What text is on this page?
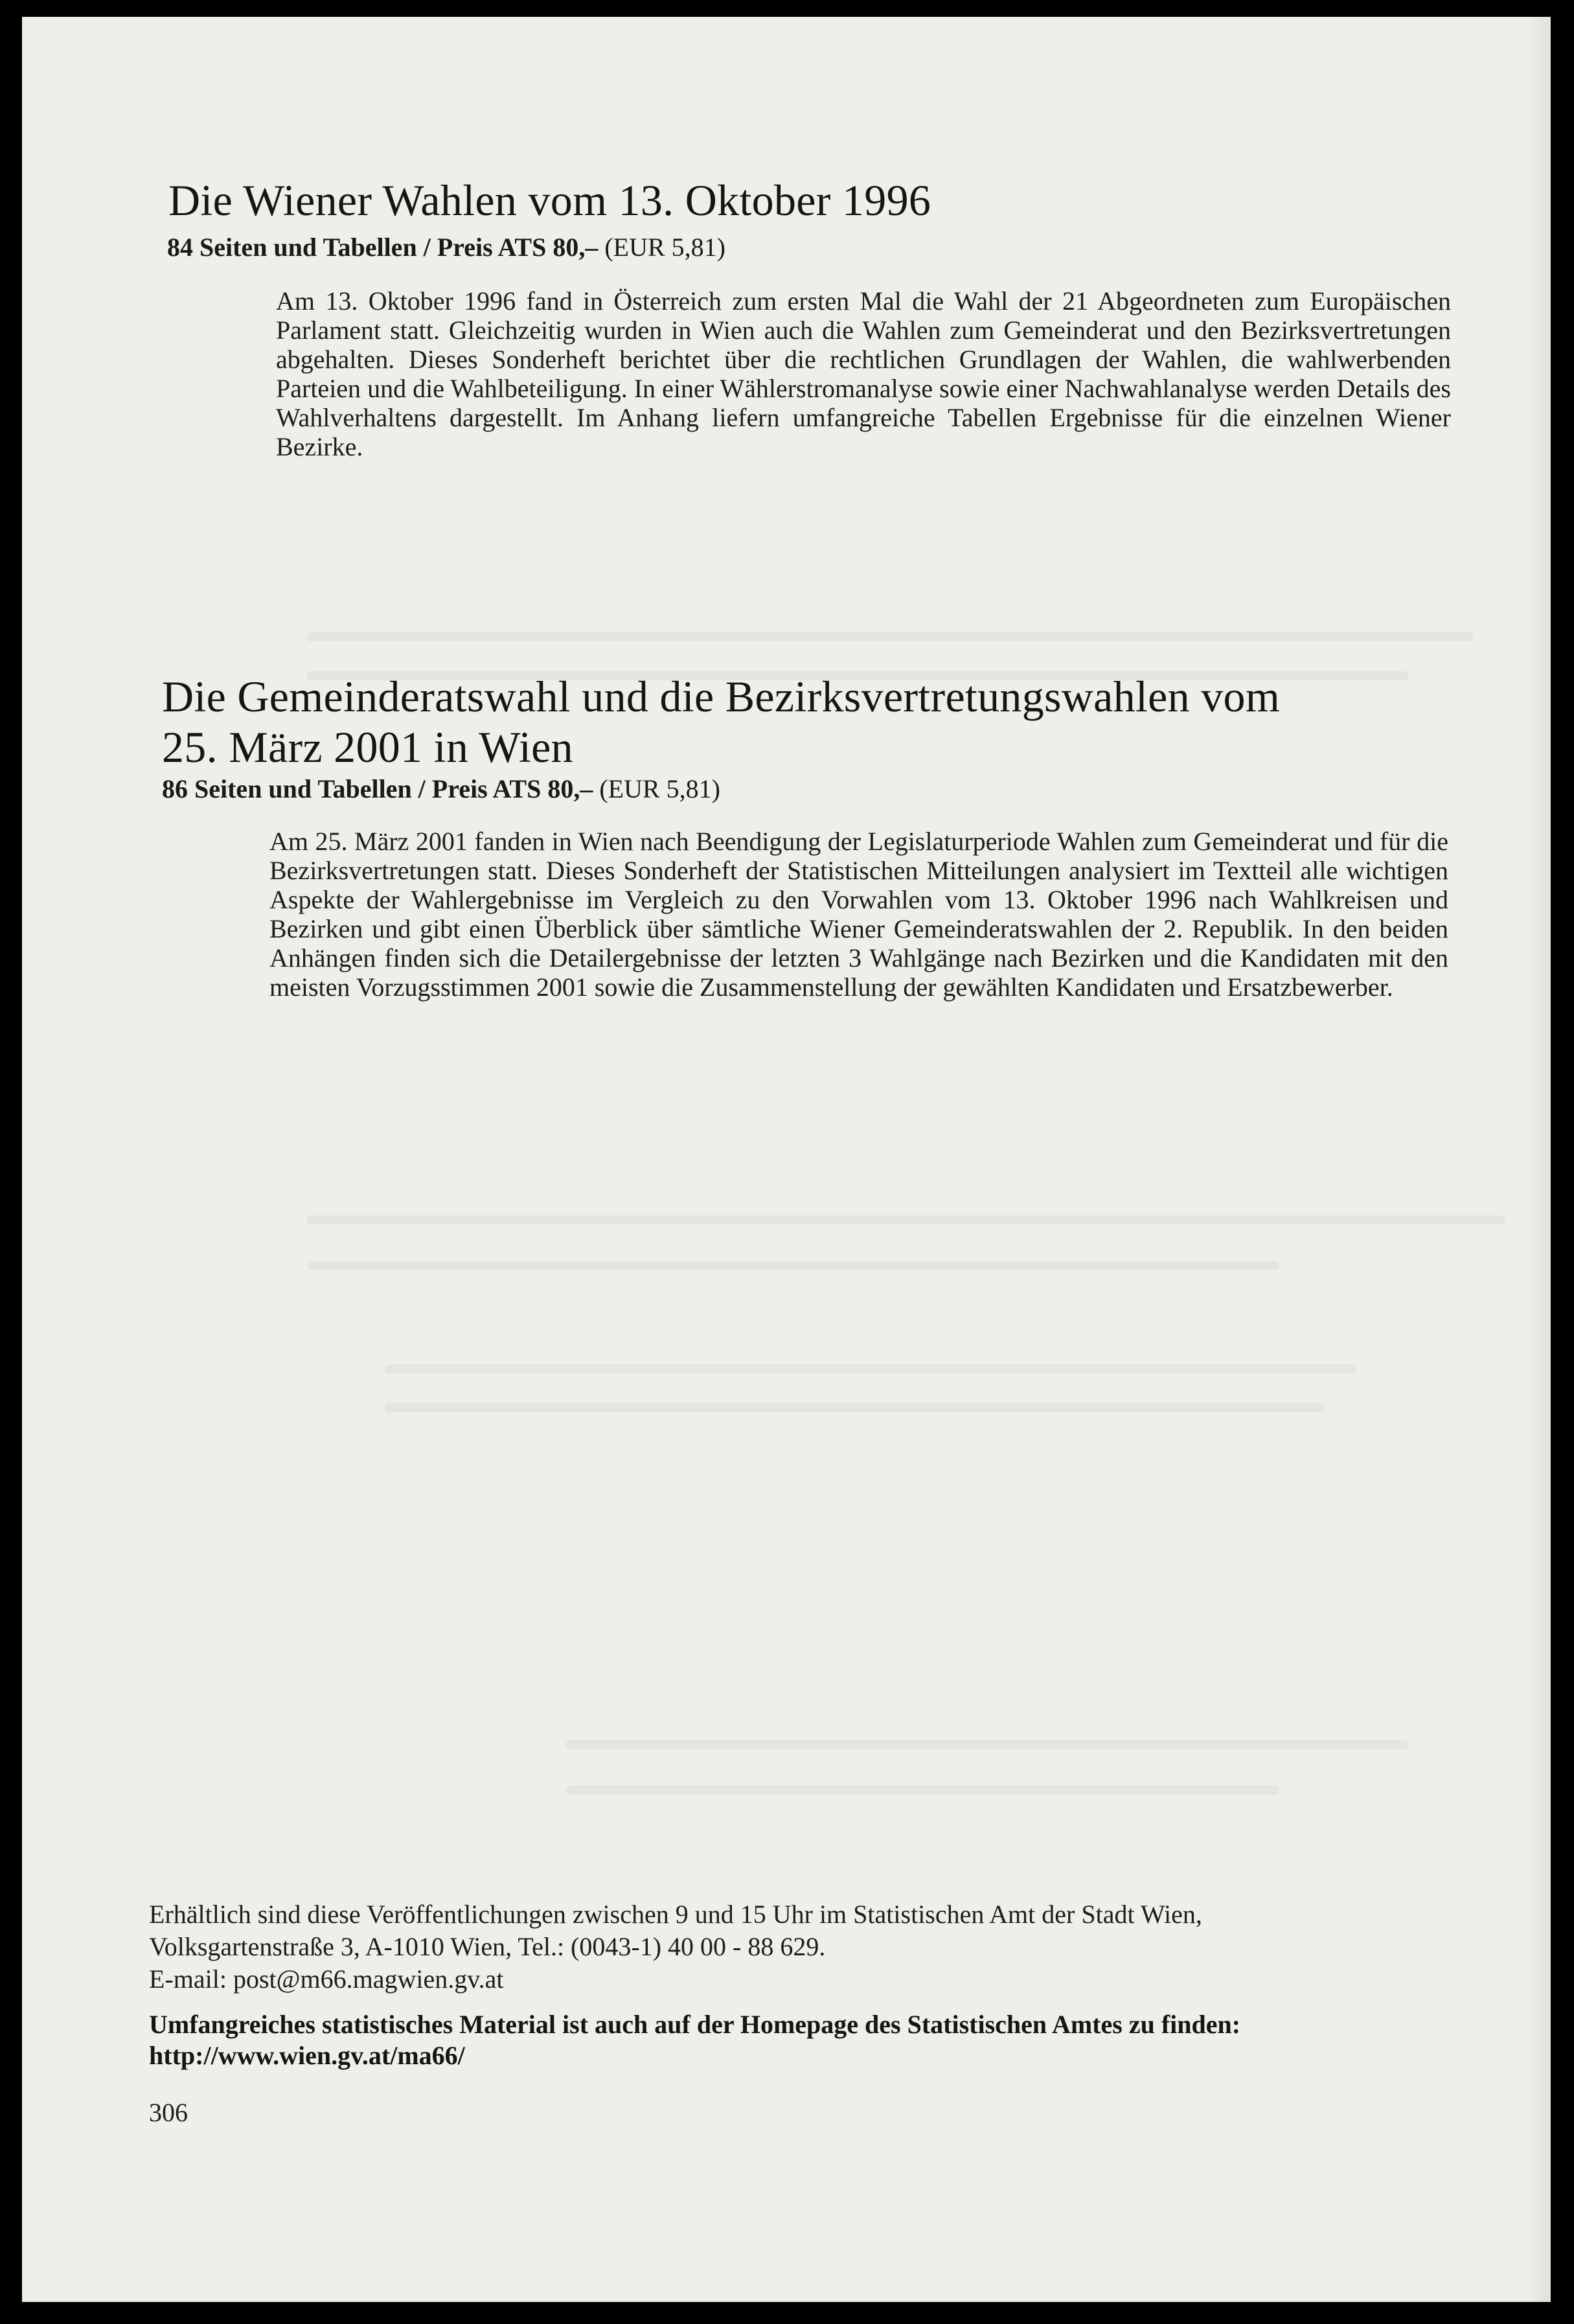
Die Wiener Wahlen vom 13. Oktober 1996

84 Seiten und Tabellen / Preis ATS 80,– (EUR 5,81)

Am 13. Oktober 1996 fand in Österreich zum ersten Mal die Wahl der 21 Abgeordneten zum Europäischen Parlament statt. Gleichzeitig wurden in Wien auch die Wahlen zum Gemeinderat und den Bezirksvertretungen abgehalten. Dieses Sonderheft berichtet über die rechtlichen Grundlagen der Wahlen, die wahlwerbenden Parteien und die Wahlbeteiligung. In einer Wählerstromanalyse sowie einer Nachwahlanalyse werden Details des Wahlverhaltens dargestellt. Im Anhang liefern umfangreiche Tabellen Ergebnisse für die einzelnen Wiener Bezirke.

Die Gemeinderatswahl und die Bezirksvertretungswahlen vom
25. März 2001 in Wien

86 Seiten und Tabellen / Preis ATS 80,– (EUR 5,81)

Am 25. März 2001 fanden in Wien nach Beendigung der Legislaturperiode Wahlen zum Gemeinderat und für die Bezirksvertretungen statt. Dieses Sonderheft der Statistischen Mitteilungen analysiert im Textteil alle wichtigen Aspekte der Wahlergebnisse im Vergleich zu den Vorwahlen vom 13. Oktober 1996 nach Wahlkreisen und Bezirken und gibt einen Überblick über sämtliche Wiener Gemeinderatswahlen der 2. Republik. In den beiden Anhängen finden sich die Detailergebnisse der letzten 3 Wahlgänge nach Bezirken und die Kandidaten mit den meisten Vorzugsstimmen 2001 sowie die Zusammenstellung der gewählten Kandidaten und Ersatzbewerber.

Erhältlich sind diese Veröffentlichungen zwischen 9 und 15 Uhr im Statistischen Amt der Stadt Wien,

Volksgartenstraße 3, A-1010 Wien, Tel.: (0043-1) 40 00 - 88 629.

E-mail: post@m66.magwien.gv.at

Umfangreiches statistisches Material ist auch auf der Homepage des Statistischen Amtes zu finden:

http://www.wien.gv.at/ma66/

306
